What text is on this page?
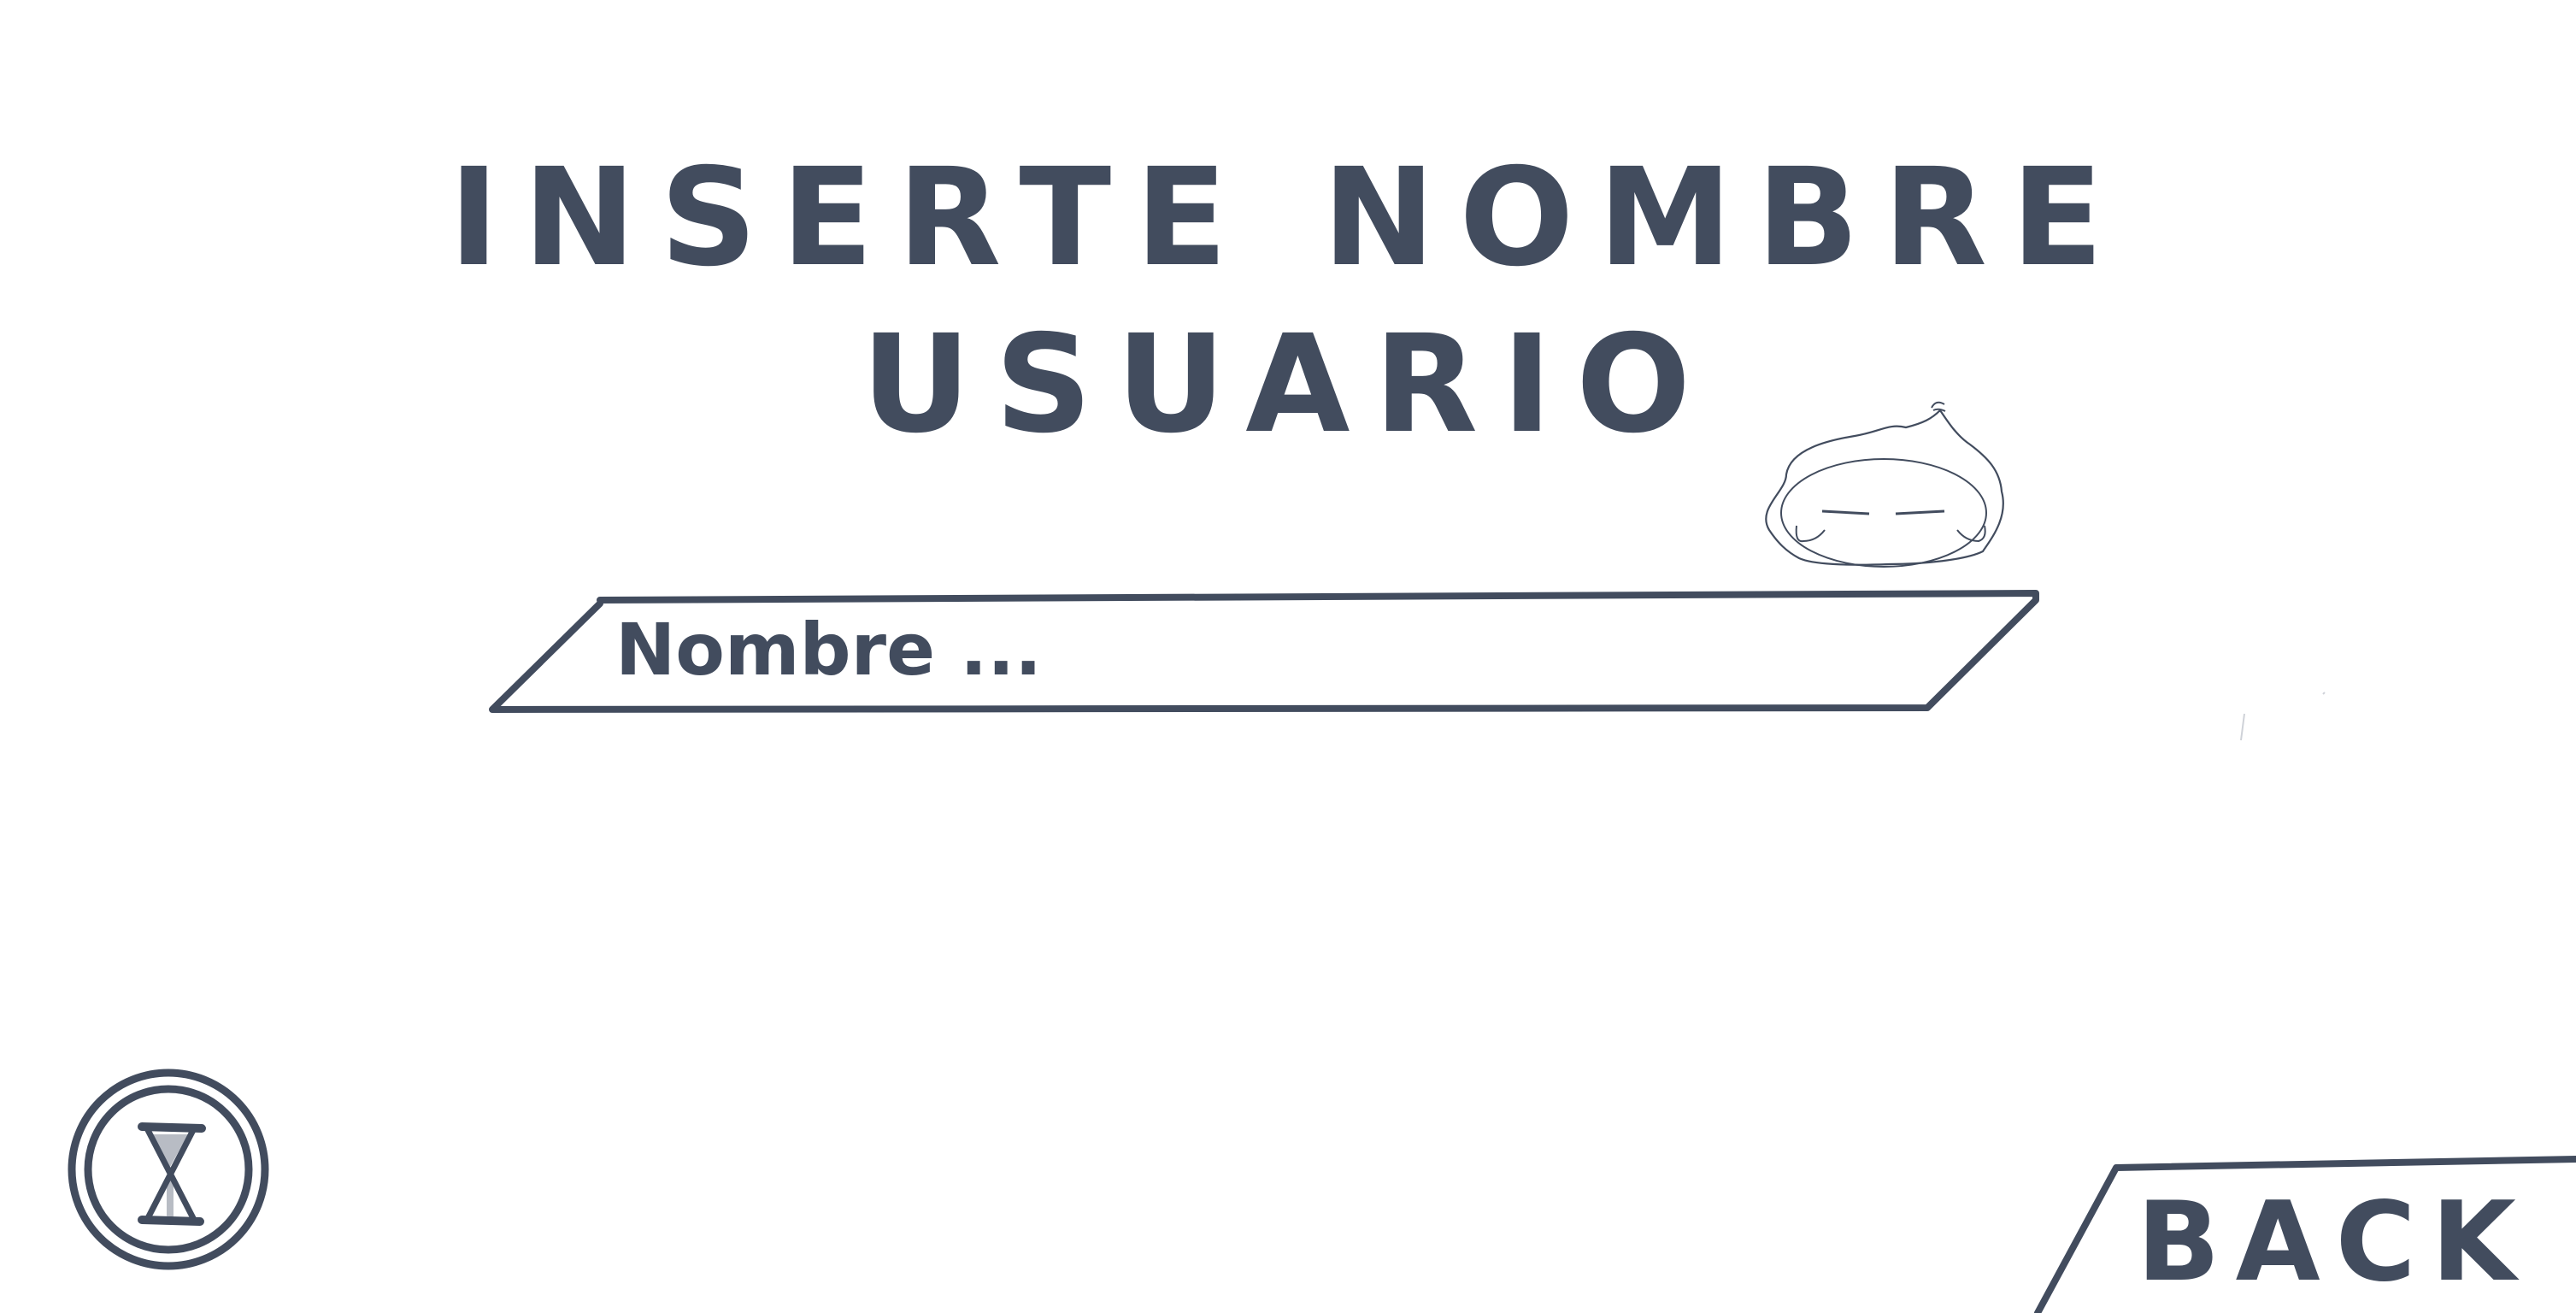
INSERTE NOMBRE
USUARIO
Nombre ...
BACK
